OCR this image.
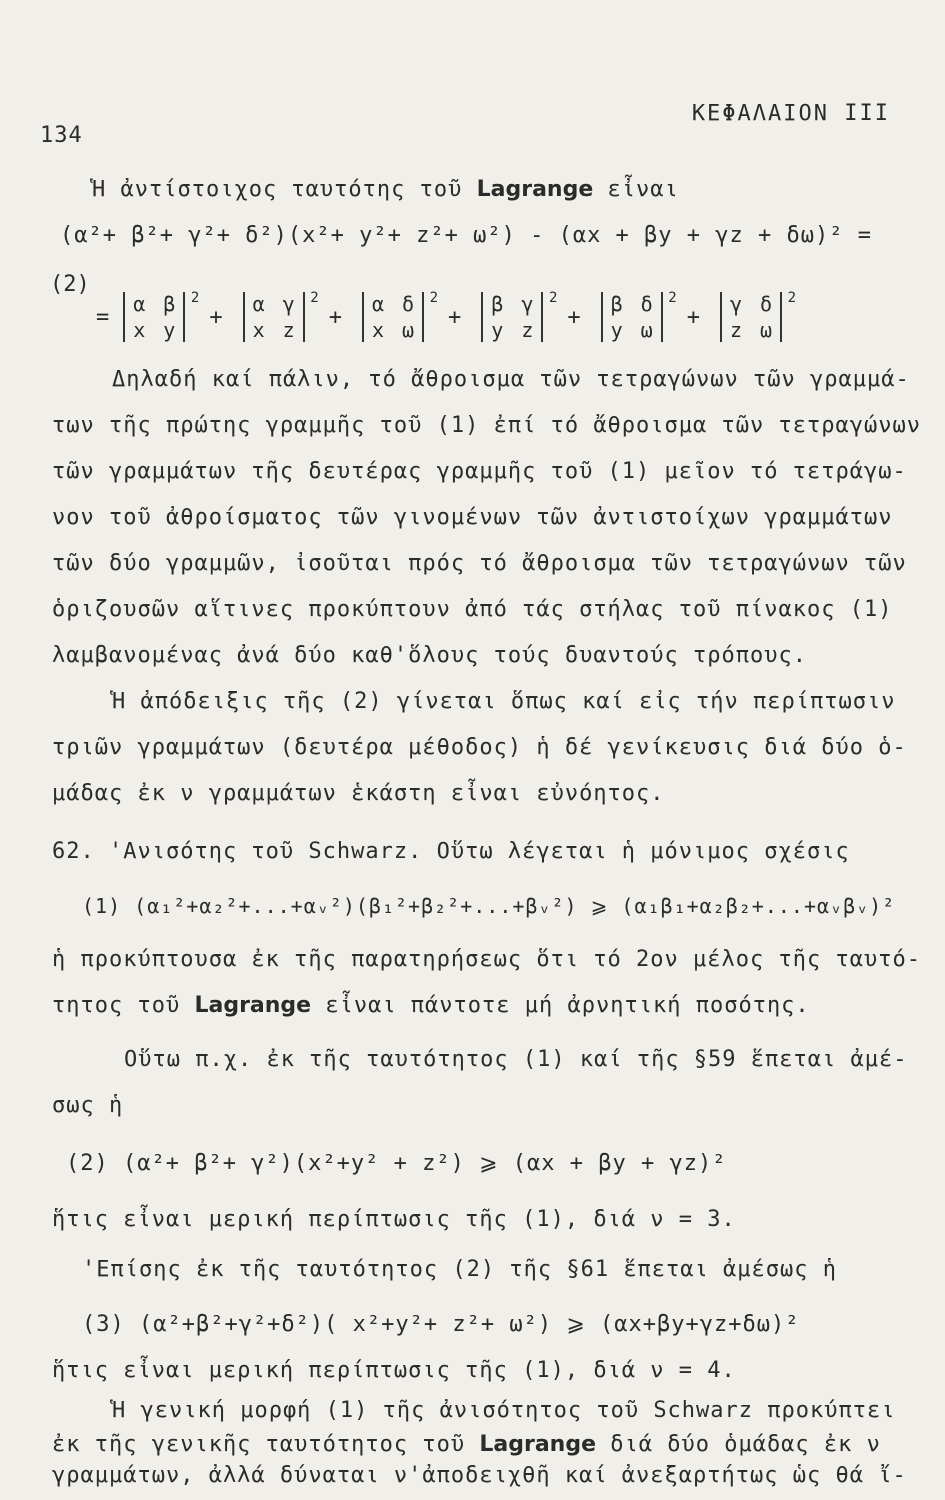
134
ΚΕΦΑΛΑΙΟΝ III
Ἡ ἀντίστοιχος ταυτότης τοῦ Lagrange εἶναι
(α²+ β²+ γ²+ δ²)(x²+ y²+ z²+ ω²) - (αx + βy + γz + δω)² =
(2)
=
α β
x y
2
+
α γ
x z
2
+
α δ
x ω
2
+
β γ
y z
2
+
β δ
y ω
2
+
γ δ
z ω
2
Δηλαδή καί πάλιν, τό ἄθροισμα τῶν τετραγώνων τῶν γραμμά-
των τῆς πρώτης γραμμῆς τοῦ (1) ἐπί τό ἄθροισμα τῶν τετραγώνων
τῶν γραμμάτων τῆς δευτέρας γραμμῆς τοῦ (1) μεῖον τό τετράγω-
νον τοῦ ἀθροίσματος τῶν γινομένων τῶν ἀντιστοίχων γραμμάτων
τῶν δύο γραμμῶν, ἰσοῦται πρός τό ἄθροισμα τῶν τετραγώνων τῶν
ὁριζουσῶν αἵτινες προκύπτουν ἀπό τάς στήλας τοῦ πίνακος (1)
λαμβανομένας ἀνά δύο καθ'ὅλους τούς δυαντούς τρόπους.
Ἡ ἀπόδειξις τῆς (2) γίνεται ὅπως καί εἰς τήν περίπτωσιν
τριῶν γραμμάτων (δευτέρα μέθοδος) ἡ δέ γενίκευσις διά δύο ὁ-
μάδας ἐκ ν γραμμάτων ἑκάστη εἶναι εὐνόητος.
62. 'Ανισότης τοῦ Schwarz. Οὕτω λέγεται ἡ μόνιμος σχέσις
(1) (α₁²+α₂²+...+αᵥ²)(β₁²+β₂²+...+βᵥ²) ⩾ (α₁β₁+α₂β₂+...+αᵥβᵥ)²
ἡ προκύπτουσα ἐκ τῆς παρατηρήσεως ὅτι τό 2ον μέλος τῆς ταυτό-
τητος τοῦ Lagrange εἶναι πάντοτε μή ἀρνητική ποσότης.
Οὕτω π.χ. ἐκ τῆς ταυτότητος (1) καί τῆς §59 ἕπεται ἀμέ-
σως ἡ
(2) (α²+ β²+ γ²)(x²+y² + z²) ⩾ (αx + βy + γz)²
ἥτις εἶναι μερική περίπτωσις τῆς (1), διά ν = 3.
'Επίσης ἐκ τῆς ταυτότητος (2) τῆς §61 ἕπεται ἀμέσως ἡ
(3) (α²+β²+γ²+δ²)( x²+y²+ z²+ ω²) ⩾ (αx+βy+γz+δω)²
ἥτις εἶναι μερική περίπτωσις τῆς (1), διά ν = 4.
Ἡ γενική μορφή (1) τῆς ἀνισότητος τοῦ Schwarz προκύπτει
ἐκ τῆς γενικῆς ταυτότητος τοῦ Lagrange διά δύο ὁμάδας ἐκ ν
γραμμάτων, ἀλλά δύναται ν'ἀποδειχθῆ καί ἀνεξαρτήτως ὡς θά ἴ-
